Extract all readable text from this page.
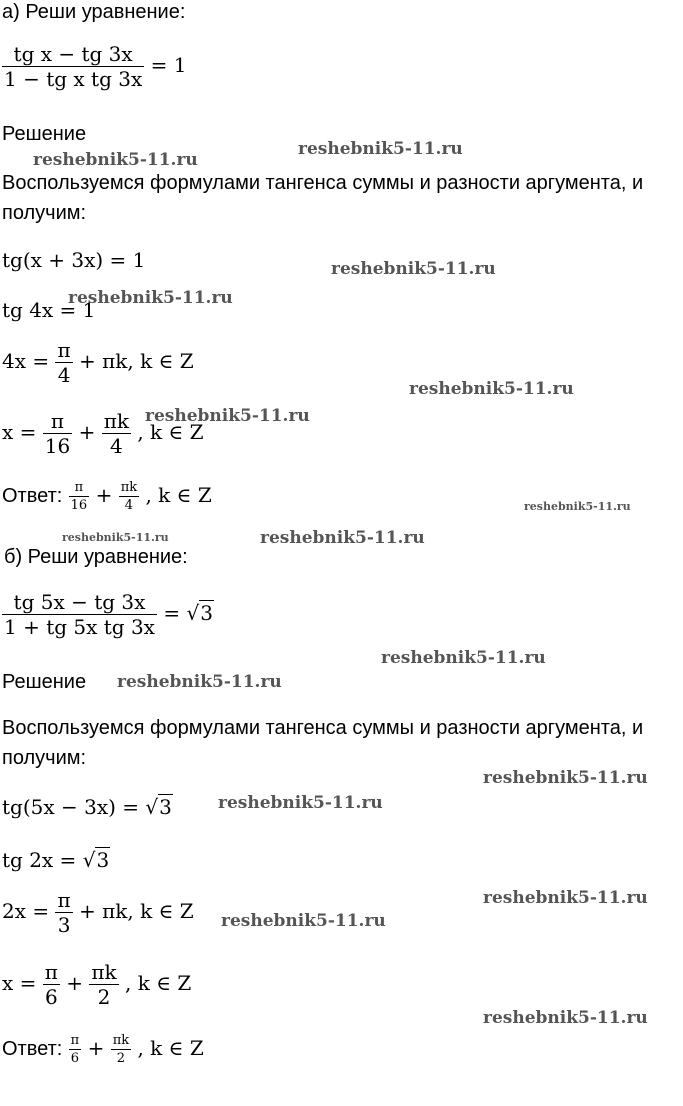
а) Реши уравнение:
$\frac{\text{tg x − tg 3x}}{\text{1 − tg x tg 3x}} = 1$
Решение
Воспользуемся формулами тангенса суммы и разности аргумента, и
получим:
tg(x + 3x) = 1
tg 4x = 1
$4x = \frac{\pi}{4} + \pi k$, k ∈ Z
$x = \frac{\pi}{16} + \frac{\pi k}{4}$ , k ∈ Z
Ответ: $\frac{\pi}{16} + \frac{\pi k}{4}$ , k ∈ Z
б) Реши уравнение:
$\frac{tg 5x - tg 3x}{\text{1 + tg 5x tg 3x}} = √3$
Решение
Воспользуемся формулами тангенса суммы и разности аргумента, и
получим:
tg(5x − 3x) = √3
tg 2x = √3
$2x = \frac{\pi}{3} + \pi k$, k ∈ Z
$x = \frac{\pi}{6} + \frac{\pi k}{2}$ , k ∈ Z
Ответ: $\frac{\pi}{6} + \frac{\pi k}{2}$ , k ∈ Z
reshebnik5-11.ru
reshebnik5-11.ru
reshebnik5-11.ru
reshebnik5-11.ru
reshebnik5-11.ru
reshebnik5-11.ru
reshebnik5-11.ru
reshebnik5-11.ru	reshebnik5-11.ru
reshebnik5-11.ru
reshebnik5-11.ru
reshebnik5-11.ru
reshebnik5-11.ru
reshebnik5-11.ru
reshebnik5-11.ru
reshebnik5-11.ru
